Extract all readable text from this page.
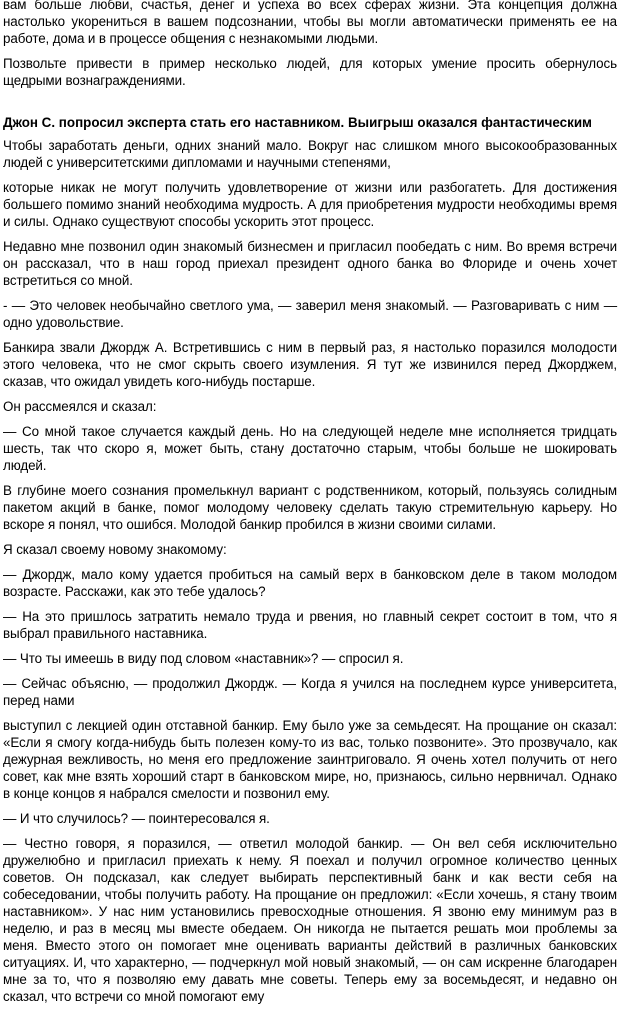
вам больше любви, счастья, денег и успеха во всех сферах жизни. Эта концепция должна настолько укорениться в вашем подсознании, чтобы вы могли автоматически применять ее на работе, дома и в процессе общения с незнакомыми людьми.

Позвольте привести в пример несколько людей, для которых умение просить обернулось щедрыми вознаграждениями.

Джон С. попросил эксперта стать его наставником. Выигрыш оказался фантастическим

Чтобы заработать деньги, одних знаний мало. Вокруг нас слишком много высокообразованных людей с университетскими дипломами и научными степенями,

которые никак не могут получить удовлетворение от жизни или разбогатеть. Для достижения большего помимо знаний необходима мудрость. А для приобретения мудрости необходимы время и силы. Однако существуют способы ускорить этот процесс.

Недавно мне позвонил один знакомый бизнесмен и пригласил пообедать с ним. Во время встречи он рассказал, что в наш город приехал президент одного банка во Флориде и очень хочет встретиться со мной.

- — Это человек необычайно светлого ума, — заверил меня знакомый. — Разговаривать с ним — одно удовольствие.

Банкира звали Джордж А. Встретившись с ним в первый раз, я настолько поразился молодости этого человека, что не смог скрыть своего изумления. Я тут же извинился перед Джорджем, сказав, что ожидал увидеть кого-нибудь постарше.

Он рассмеялся и сказал:

— Со мной такое случается каждый день. Но на следующей неделе мне исполняется тридцать шесть, так что скоро я, может быть, стану достаточно старым, чтобы больше не шокировать людей.

В глубине моего сознания промелькнул вариант с родственником, который, пользуясь солидным пакетом акций в банке, помог молодому человеку сделать такую стремительную карьеру. Но вскоре я понял, что ошибся. Молодой банкир пробился в жизни своими силами.

Я сказал своему новому знакомому:

— Джордж, мало кому удается пробиться на самый верх в банковском деле в таком молодом возрасте. Расскажи, как это тебе удалось?

— На это пришлось затратить немало труда и рвения, но главный секрет состоит в том, что я выбрал правильного наставника.

— Что ты имеешь в виду под словом «наставник»? — спросил я.

— Сейчас объясню, — продолжил Джордж. — Когда я учился на последнем курсе университета, перед нами

выступил с лекцией один отставной банкир. Ему было уже за семьдесят. На прощание он сказал: «Если я смогу когда-нибудь быть полезен кому-то из вас, только позвоните». Это прозвучало, как дежурная вежливость, но меня его предложение заинтриговало. Я очень хотел получить от него совет, как мне взять хороший старт в банковском мире, но, признаюсь, сильно нервничал. Однако в конце концов я набрался смелости и позвонил ему.

— И что случилось? — поинтересовался я.

— Честно говоря, я поразился, — ответил молодой банкир. — Он вел себя исключительно дружелюбно и пригласил приехать к нему. Я поехал и получил огромное количество ценных советов. Он подсказал, как следует выбирать перспективный банк и как вести себя на собеседовании, чтобы получить работу. На прощание он предложил: «Если хочешь, я стану твоим наставником». У нас ним установились превосходные отношения. Я звоню ему минимум раз в неделю, и раз в месяц мы вместе обедаем. Он никогда не пытается решать мои проблемы за меня. Вместо этого он помогает мне оценивать варианты действий в различных банковских ситуациях. И, что характерно, — подчеркнул мой новый знакомый, — он сам искренне благодарен мне за то, что я позволяю ему давать мне советы. Теперь ему за восемьдесят, и недавно он сказал, что встречи со мной помогают ему
